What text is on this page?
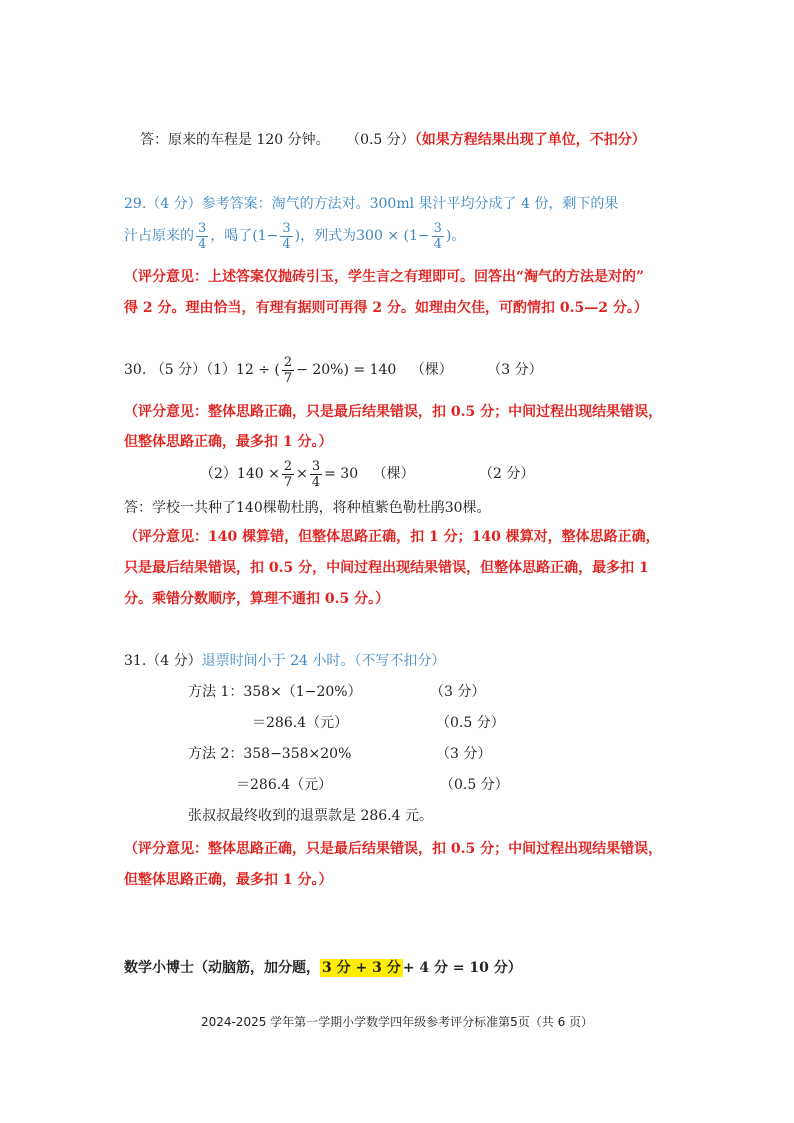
答：原来的车程是 120 分钟。 （0.5 分）（如果方程结果出现了单位，不扣分）
29.（4 分）参考答案：淘气的方法对。300ml 果汁平均分成了 4 份，剩下的果
汁占原来的 $\frac{3}{4}$ ，喝了($1- \frac{3}{4}$ )，列式为$300 \times (1- \frac{3}{4}$ )。
（评分意见：上述答案仅抛砖引玉，学生言之有理即可。回答出“淘气的方法是对的”
得 2 分。理由恰当，有理有据则可再得 2 分。如理由欠佳，可酌情扣 0.5—2 分。）
30. （5 分）（1）12 ÷ ( $\frac{2}{7} - 20\%) = 140$ （棵） （3 分）
（评分意见：整体思路正确，只是最后结果错误，扣 0.5 分；中间过程出现结果错误，
但整体思路正确，最多扣 1 分。）
$(2)140 \times \frac{2}{7} \times \frac{3}{4} = 30$ （棵）	（2 分）
答：学校一共种了140棵勒杜鹃，将种植紫色勒杜鹃30棵。
（评分意见：140 棵算错，但整体思路正确，扣 1 分；140 棵算对，整体思路正确，
只是最后结果错误，扣 0.5 分，中间过程出现结果错误，但整体思路正确，最多扣 1
分。乘错分数顺序，算理不通扣 0.5 分。）
31.（4 分）退票时间小于 24 小时。（不写不扣分）
方法 1：358×（1−20%）	（3 分）
＝286.4（元）	（0.5 分）
方法 2：358−358×20%	（3 分）
＝286.4（元）	（0.5 分）
张叔叔最终收到的退票款是 286.4 元。
（评分意见：整体思路正确，只是最后结果错误，扣 0.5 分；中间过程出现结果错误，
但整体思路正确，最多扣 1 分。）
数学小博士（动脑筋，加分题， 3 分 + 3 分 + 4 分 = 10 分）
2024-2025 学年第一学期小学数学四年级参考评分标准第5页（共 6 页）
